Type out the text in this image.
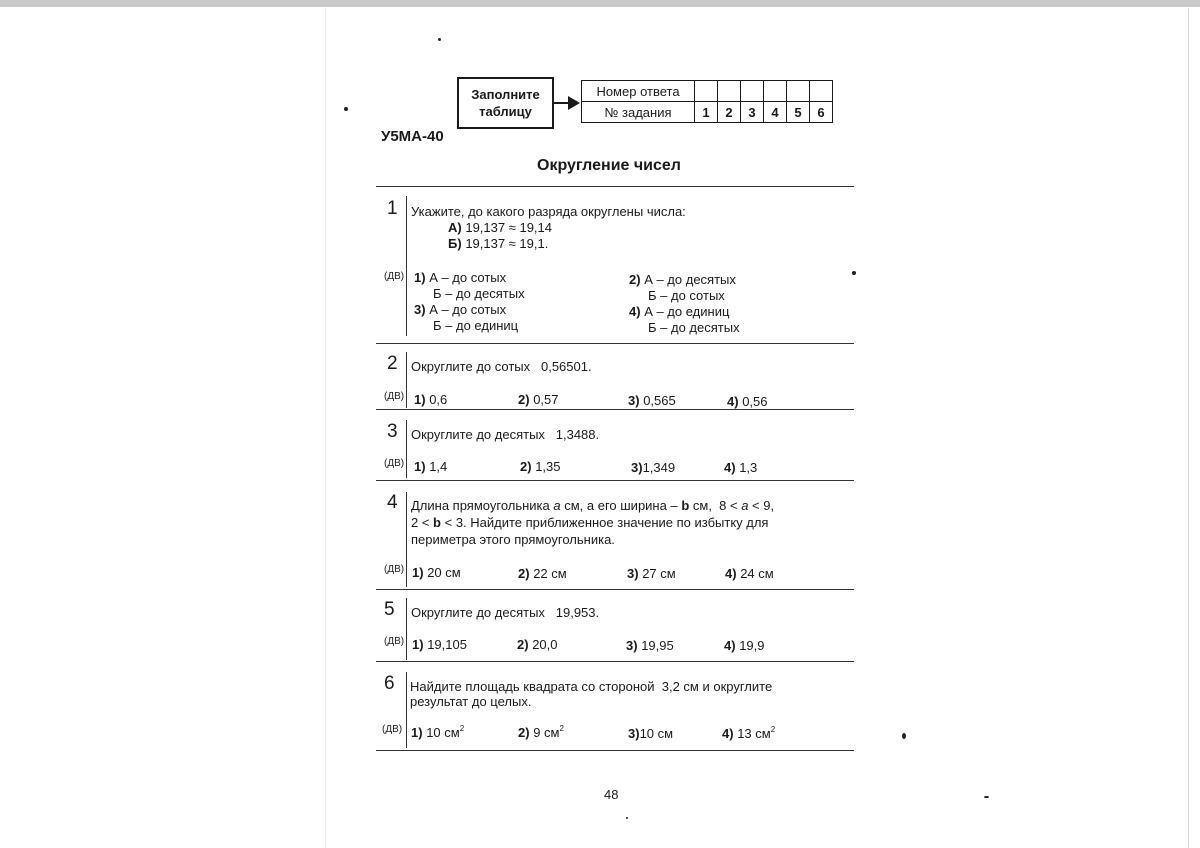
Заполните
таблицу
Номер ответа						
№ задания	1	2	3	4	5	6
У5МА-40
Округление чисел
1 Укажите, до какого разряда округлены числа:
А) 19,137 ≈ 19,14
Б) 19,137 ≈ 19,1.
(ДВ) 1) А – до сотых
Б – до десятых
3) А – до сотых
Б – до единиц
2) А – до десятых
Б – до сотых
4) А – до единиц
Б – до десятых
2 Округлите до сотых   0,56501.
(ДВ) 1) 0,6	2) 0,57	3) 0,565	4) 0,56
3 Округлите до десятых   1,3488.
(ДВ) 1) 1,4	2) 1,35	3)1,349	4) 1,3
4 Длина прямоугольника a см, а его ширина – b см,  8 < a < 9,
2 < b < 3. Найдите приближенное значение по избытку для
периметра этого прямоугольника.
(ДВ) 1) 20 см	2) 22 см	3) 27 см	4) 24 см
5 Округлите до десятых   19,953.
(ДВ) 1) 19,105	2) 20,0	3) 19,95	4) 19,9
6 Найдите площадь квадрата со стороной  3,2 см и округлите
результат до целых.
(ДВ) 1) 10 $см^2$	2) 9 $см^2$	3)10 см	4) 13 $см^2$
48
